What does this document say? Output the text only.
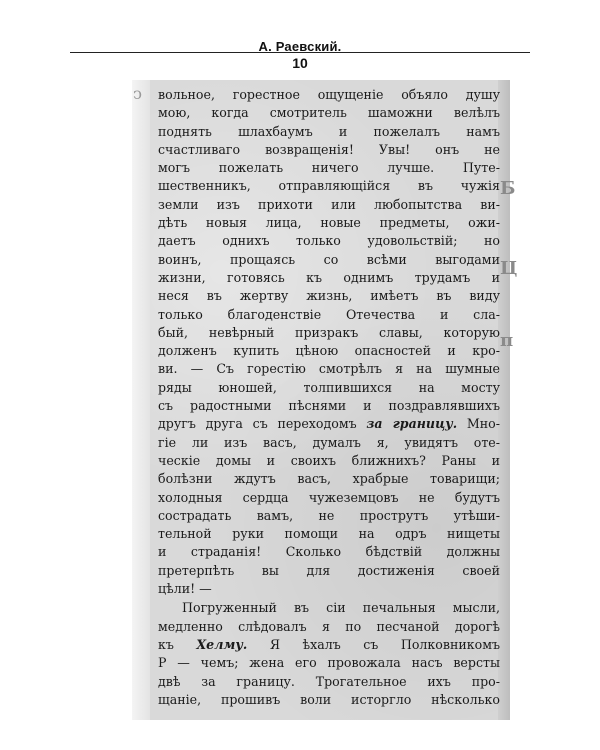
А. Раевский.
10
ↄ
Б
Ц
п
вольное, горестное ощущеніе объяло душу
мою, когда смотритель шаможни велѣлъ
поднять шлахбаумъ и пожелалъ намъ
счастливаго возвращенія! Увы! онъ не
могъ пожелать ничего лучше. Путе-
шественникъ, отправляющійся въ чужія
земли изъ прихоти или любопытства ви-
дѣть новыя лица, новые предметы, ожи-
даетъ однихъ только удовольствій; но
воинъ, прощаясь со всѣми выгодами
жизни, готовясь къ однимъ трудамъ и
неся въ жертву жизнь, имѣетъ въ виду
только благоденствіе Отечества и сла-
бый, невѣрный призракъ славы, которую
долженъ купить цѣною опасностей и кро-
ви. — Съ горестію смотрѣлъ я на шумные
ряды юношей, толпившихся на мосту
съ радостными пѣснями и поздравлявшихъ
другъ друга съ переходомъ за границу. Мно-
гіе ли изъ васъ, думалъ я, увидятъ оте-
ческіе домы и своихъ ближнихъ? Раны и
болѣзни ждутъ васъ, храбрые товарищи;
холодныя сердца чужеземцовъ не будутъ
сострадать вамъ, не прострутъ утѣши-
тельной руки помощи на одръ нищеты
и страданія! Сколько бѣдствій должны
претерпѣть вы для достиженія своей
цѣли! —
Погруженный въ сіи печальныя мысли,
медленно слѣдовалъ я по песчаной дорогѣ
къ Хелму. Я ѣхалъ съ Полковникомъ
Р — чемъ; жена его провожала насъ версты
двѣ за границу. Трогательное ихъ про-
щаніе, прошивъ воли исторгло нѣсколько
